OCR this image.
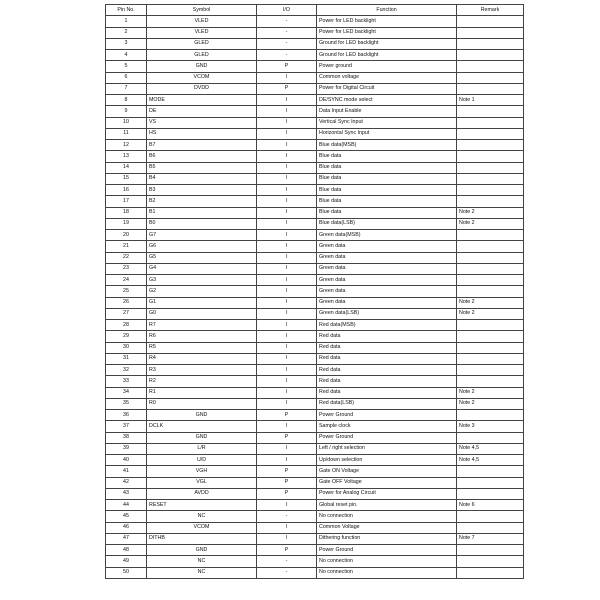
Pin No.	Symbol	I/O	Function	Remark
1	VLED	-	Power for LED backlight	
2	VLED	-	Power for LED backlight	
3	GLED	-	Ground for LED backlight	
4	GLED	-	Ground for LED backlight	
5	GND	P	Power ground	
6	VCOM	I	Common voltage	
7	DVDD	P	Power for Digital Circuit	
8	MODE	I	DE/SYNC mode select	Note 1
9	DE	I	Data Input Enable	
10	VS	I	Vertical Sync Input	
11	HS	I	Horizontal Sync Input	
12	B7	I	Blue data(MSB)	
13	B6	I	Blue data	
14	B5	I	Blue data	
15	B4	I	Blue data	
16	B3	I	Blue data	
17	B2	I	Blue data	
18	B1	I	Blue data	Note 2
19	B0	I	Blue data(LSB)	Note 2
20	G7	I	Green data(MSB)	
21	G6	I	Green data	
22	G5	I	Green data	
23	G4	I	Green data	
24	G3	I	Green data	
25	G2	I	Green data	
26	G1	I	Green data	Note 2
27	G0	I	Green data(LSB)	Note 2
28	R7	I	Red data(MSB)	
29	R6	I	Red data	
30	R5	I	Red data	
31	R4	I	Red data	
32	R3	I	Red data	
33	R2	I	Red data	
34	R1	I	Red data	Note 2
35	R0	I	Red data(LSB)	Note 2
36	GND	P	Power Ground	
37	DCLK	I	Sample clock	Note 3
38	GND	P	Power Ground	
39	L/R	I	Left / right selection	Note 4,5
40	U/D	I	Up/down selection	Note 4,5
41	VGH	P	Gate ON Voltage	
42	VGL	P	Gate OFF Voltage	
43	AVDD	P	Power for Analog Circuit	
44	RESET	I	Global reset pin.	Note 6
45	NC	-	No connection	
46	VCOM	I	Common Voltage	
47	DITHB	I	Dithering function	Note 7
48	GND	P	Power Ground	
49	NC	-	No connection	
50	NC	-	No connection	
